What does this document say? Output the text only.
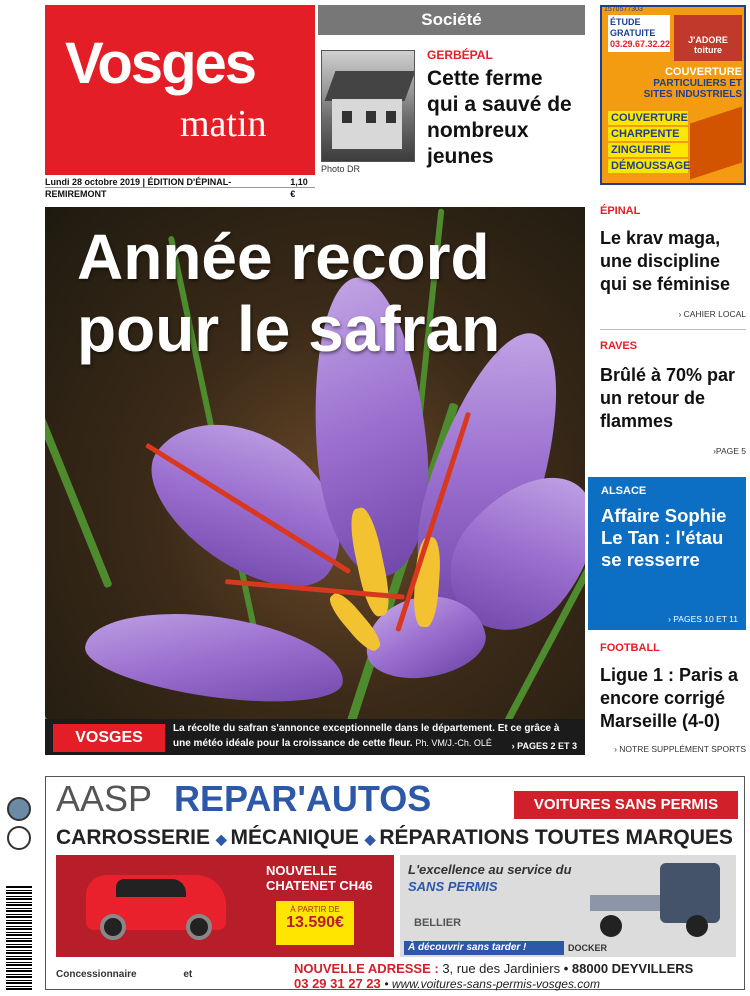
Vosges
matin
Lundi 28 octobre 2019 | ÉDITION D'ÉPINAL-REMIREMONT
1,10 €
Société
Photo DR
GERBÉPAL
Cette ferme qui a sauvé de nombreux jeunes
1570577303
ÉTUDE GRATUITE
03.29.67.32.22	J'ADORE toiture
COUVERTURE
PARTICULIERS ET SITES INDUSTRIELS
COUVERTURE
CHARPENTE
ZINGUERIE
DÉMOUSSAGE
Année record pour le safran
VOSGES
La récolte du safran s'annonce exceptionnelle dans le département. Et ce grâce à une météo idéale pour la croissance de cette fleur. Ph. VM/J.-Ch. OLÉ	› PAGES 2 ET 3
ÉPINAL
Le krav maga, une discipline qui se féminise
› CAHIER LOCAL
RAVES
Brûlé à 70% par un retour de flammes
›PAGE 5
ALSACE
Affaire Sophie Le Tan : l'étau se resserre
› PAGES 10 ET 11
FOOTBALL
Ligue 1 : Paris a encore corrigé Marseille (4-0)
› NOTRE SUPPLÉMENT SPORTS
AASP REPAR'AUTOS	VOITURES SANS PERMIS
CARROSSERIE ◆ MÉCANIQUE ◆ RÉPARATIONS TOUTES MARQUES
NOUVELLE CHATENET CH46
À PARTIR DE
13.590€
L'excellence au service du
SANS PERMIS
BELLIER
À découvrir sans tarder !	DOCKER
Concessionnaire	et	NOUVELLE ADRESSE : 3, rue des Jardiniers • 88000 DEYVILLERS
03 29 31 27 23 • www.voitures-sans-permis-vosges.com
